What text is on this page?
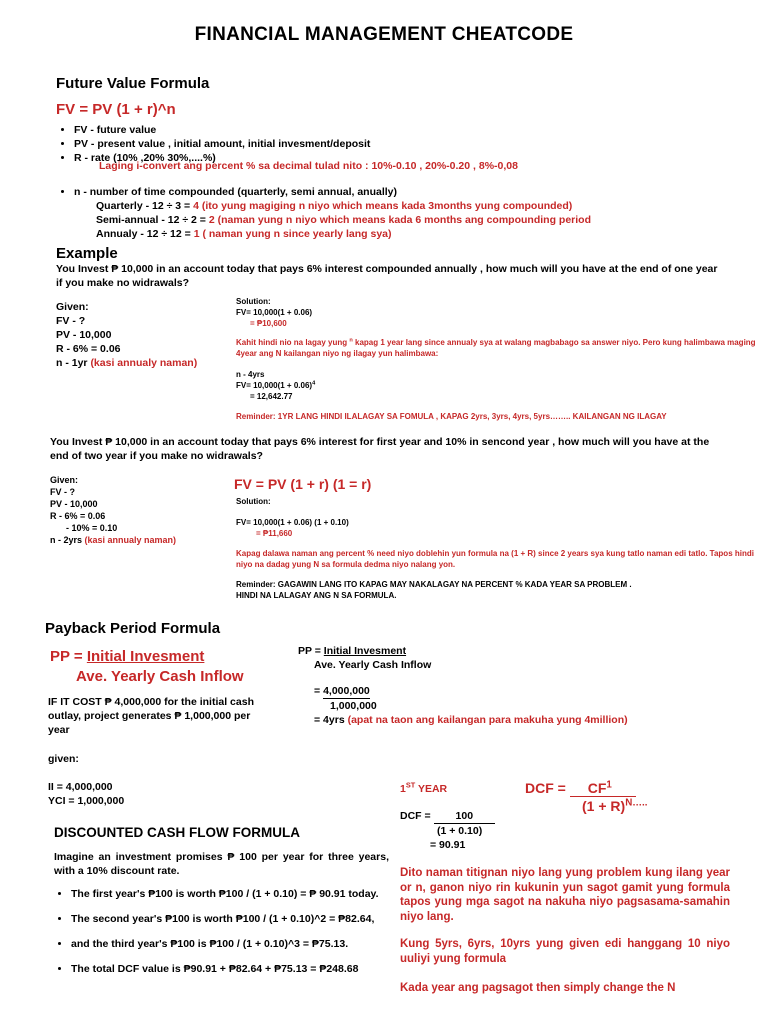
FINANCIAL MANAGEMENT CHEATCODE
Future Value Formula
FV = PV (1 + r)^n
• FV - future value
• PV - present value , initial amount, initial invesment/deposit
• R - rate (10% ,20% 30%,....%)
Laging i-convert ang percent % sa decimal tulad nito : 10%-0.10 , 20%-0.20 , 8%-0,08
• n - number of time compounded (quarterly, semi annual, anually)
Quarterly - 12 ÷ 3 = 4 (ito yung magiging n niyo which means kada 3months yung compounded)
Semi-annual - 12 ÷ 2 = 2 (naman yung n niyo which means kada 6 months ang compounding period
Annualy - 12 ÷ 12 = 1 ( naman yung n since yearly lang sya)
Example
You Invest ₱ 10,000 in an account today that pays 6% interest compounded annually , how much will you have at the end of one year if you make no widrawals?
Given:
FV - ?
PV - 10,000
R - 6% = 0.06
n - 1yr (kasi annualy naman)
Solution:
FV= 10,000(1 + 0.06)
= ₱10,600
Kahit hindi nio na lagay yung $^n$ kapag 1 year lang since annualy sya at walang magbabago sa answer niyo. Pero kung halimbawa maging 4year ang N kailangan niyo ng ilagay yun halimbawa:
n - 4yrs
$FV= 10,000(1 + 0.06)^4$
= 12,642.77
Reminder: 1YR LANG HINDI ILALAGAY SA FOMULA , KAPAG 2yrs, 3yrs, 4yrs, 5yrs…….. KAILANGAN NG ILAGAY
You Invest ₱ 10,000 in an account today that pays 6% interest for first year and 10% in sencond year , how much will you have at the end of two year if you make no widrawals?
Given:
FV - ?
PV - 10,000
R - 6% = 0.06
- 10% = 0.10
n - 2yrs (kasi annualy naman)
FV = PV (1 + r) (1 = r)
Solution:
FV= 10,000(1 + 0.06) (1 + 0.10)
= ₱11,660
Kapag dalawa naman ang percent % need niyo doblehin yun formula na (1 + R) since 2 years sya kung tatlo naman edi tatlo. Tapos hindi niyo na dadag yung N sa formula dedma niyo nalang yon.
Reminder: GAGAWIN LANG ITO KAPAG MAY NAKALAGAY NA PERCENT % KADA YEAR SA PROBLEM .
HINDI NA LALAGAY ANG N SA FORMULA.
Payback Period Formula
PP = Initial Invesment
Ave. Yearly Cash Inflow
PP = Initial Invesment
Ave. Yearly Cash Inflow
IF IT COST ₱ 4,000,000 for the initial cash outlay, project generates ₱ 1,000,000 per year
= 4,000,000
1,000,000
= 4yrs (apat na taon ang kailangan para makuha yung 4million)
given:
II = 4,000,000
YCI = 1,000,000
DISCOUNTED CASH FLOW FORMULA
Imagine an investment promises ₱ 100 per year for three years, with a 10% discount rate.
• The first year's ₱100 is worth ₱100 / (1 + 0.10) = ₱ 90.91 today.
• The second year's ₱100 is worth ₱100 / (1 + 0.10)^2 = ₱82.64,
• and the third year's ₱100 is ₱100 / (1 + 0.10)^3 = ₱75.13.
• The total DCF value is ₱90.91 + ₱82.64 + ₱75.13 = ₱248.68
1ST YEAR	DCF = $CF^1$
$(1 + R)^{N\dots..}$
DCF = 100
(1 + 0.10)
= 90.91
Dito naman titignan niyo lang yung problem kung ilang year or n, ganon niyo rin kukunin yun sagot gamit yung formula tapos yung mga sagot na nakuha niyo pagsasama-samahin niyo lang.
Kung 5yrs, 6yrs, 10yrs yung given edi hanggang 10 niyo uuliyi yung formula
Kada year ang pagsagot then simply change the N
